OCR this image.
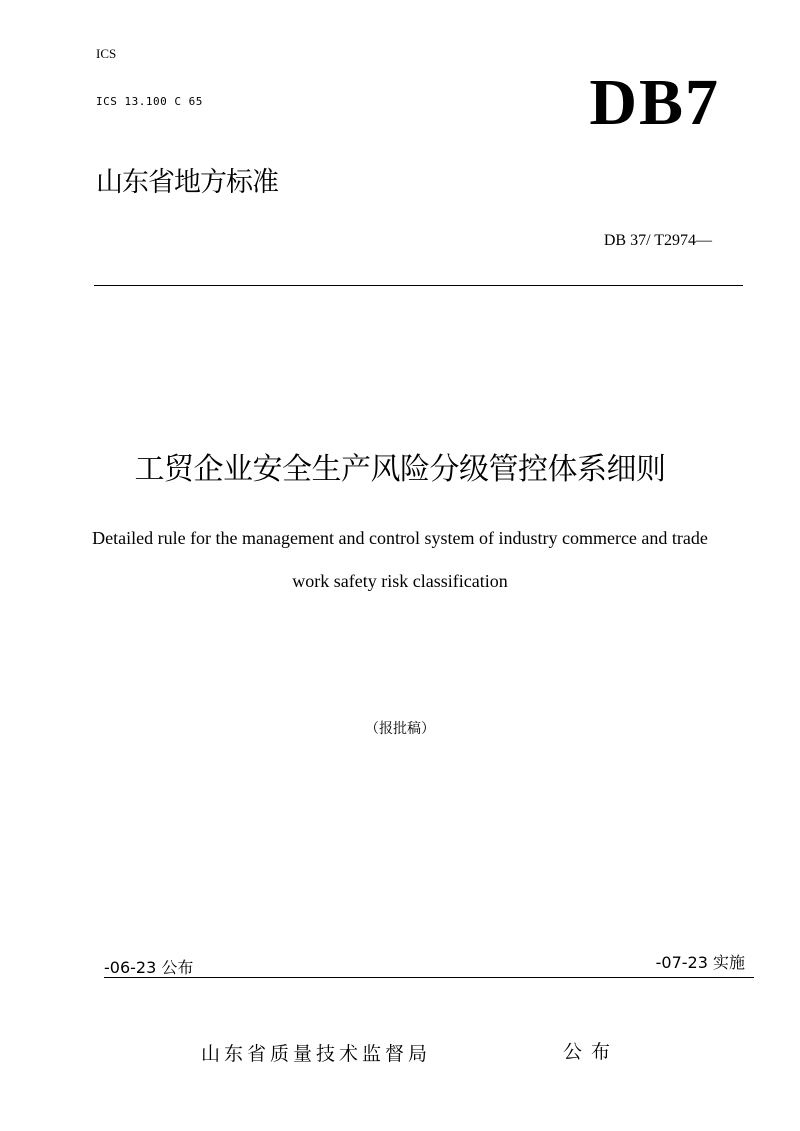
ICS
ICS 13.100 C 65	DB7
山东省地方标准
DB 37/ T2974—
工贸企业安全生产风险分级管控体系细则
Detailed rule for the management and control system of industry commerce and trade
work safety risk classification
（报批稿）
-06-23 公布	-07-23 实施
山东省质量技术监督局	公布
